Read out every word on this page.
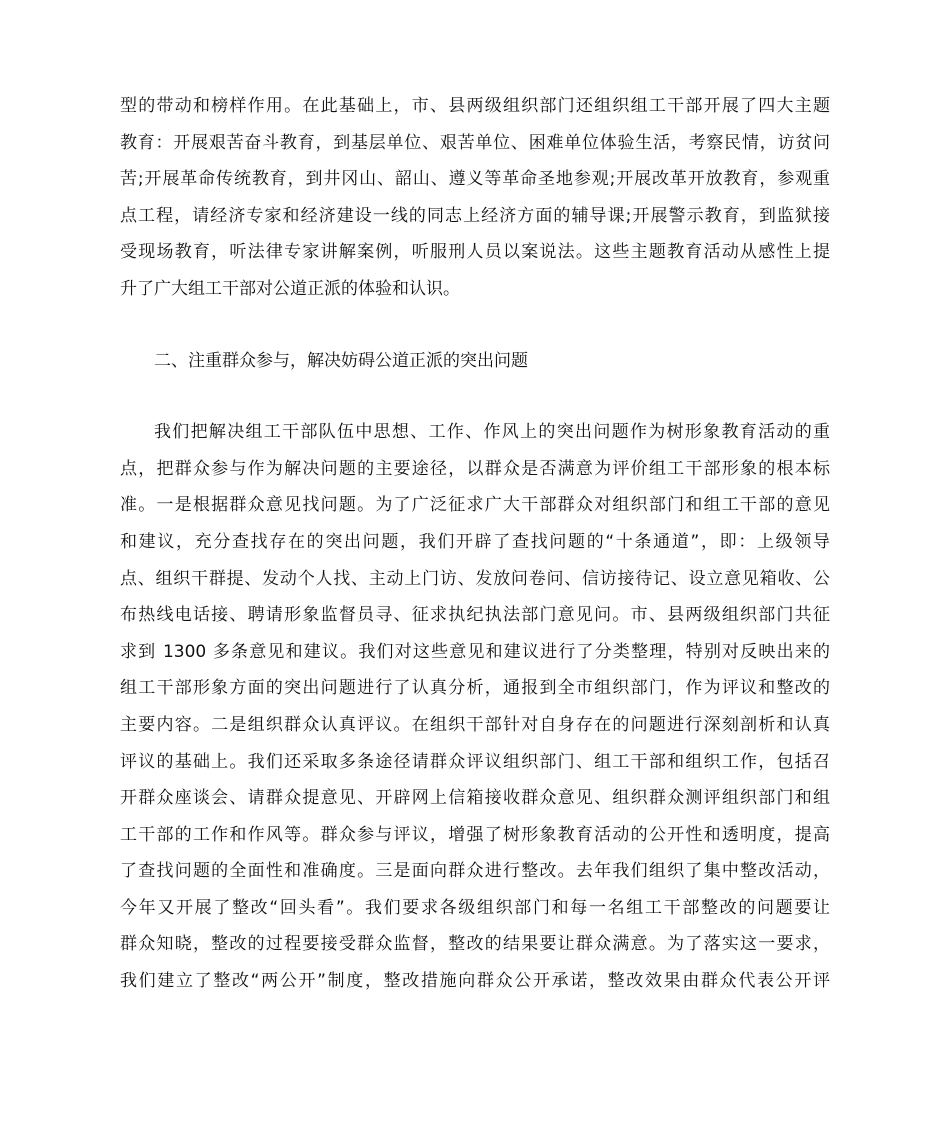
型的带动和榜样作用。在此基础上，市、县两级组织部门还组织组工干部开展了四大主题
教育：开展艰苦奋斗教育，到基层单位、艰苦单位、困难单位体验生活，考察民情，访贫问
苦;开展革命传统教育，到井冈山、韶山、遵义等革命圣地参观;开展改革开放教育，参观重
点工程，请经济专家和经济建设一线的同志上经济方面的辅导课;开展警示教育，到监狱接
受现场教育，听法律专家讲解案例，听服刑人员以案说法。这些主题教育活动从感性上提
升了广大组工干部对公道正派的体验和认识。
二、注重群众参与，解决妨碍公道正派的突出问题
我们把解决组工干部队伍中思想、工作、作风上的突出问题作为树形象教育活动的重
点，把群众参与作为解决问题的主要途径，以群众是否满意为评价组工干部形象的根本标
准。一是根据群众意见找问题。为了广泛征求广大干部群众对组织部门和组工干部的意见
和建议，充分查找存在的突出问题，我们开辟了查找问题的“十条通道”，即：上级领导
点、组织干群提、发动个人找、主动上门访、发放问卷问、信访接待记、设立意见箱收、公
布热线电话接、聘请形象监督员寻、征求执纪执法部门意见问。市、县两级组织部门共征
求到 1300 多条意见和建议。我们对这些意见和建议进行了分类整理，特别对反映出来的
组工干部形象方面的突出问题进行了认真分析，通报到全市组织部门，作为评议和整改的
主要内容。二是组织群众认真评议。在组织干部针对自身存在的问题进行深刻剖析和认真
评议的基础上。我们还采取多条途径请群众评议组织部门、组工干部和组织工作，包括召
开群众座谈会、请群众提意见、开辟网上信箱接收群众意见、组织群众测评组织部门和组
工干部的工作和作风等。群众参与评议，增强了树形象教育活动的公开性和透明度，提高
了查找问题的全面性和准确度。三是面向群众进行整改。去年我们组织了集中整改活动，
今年又开展了整改“回头看”。我们要求各级组织部门和每一名组工干部整改的问题要让
群众知晓，整改的过程要接受群众监督，整改的结果要让群众满意。为了落实这一要求，
我们建立了整改“两公开”制度，整改措施向群众公开承诺，整改效果由群众代表公开评
